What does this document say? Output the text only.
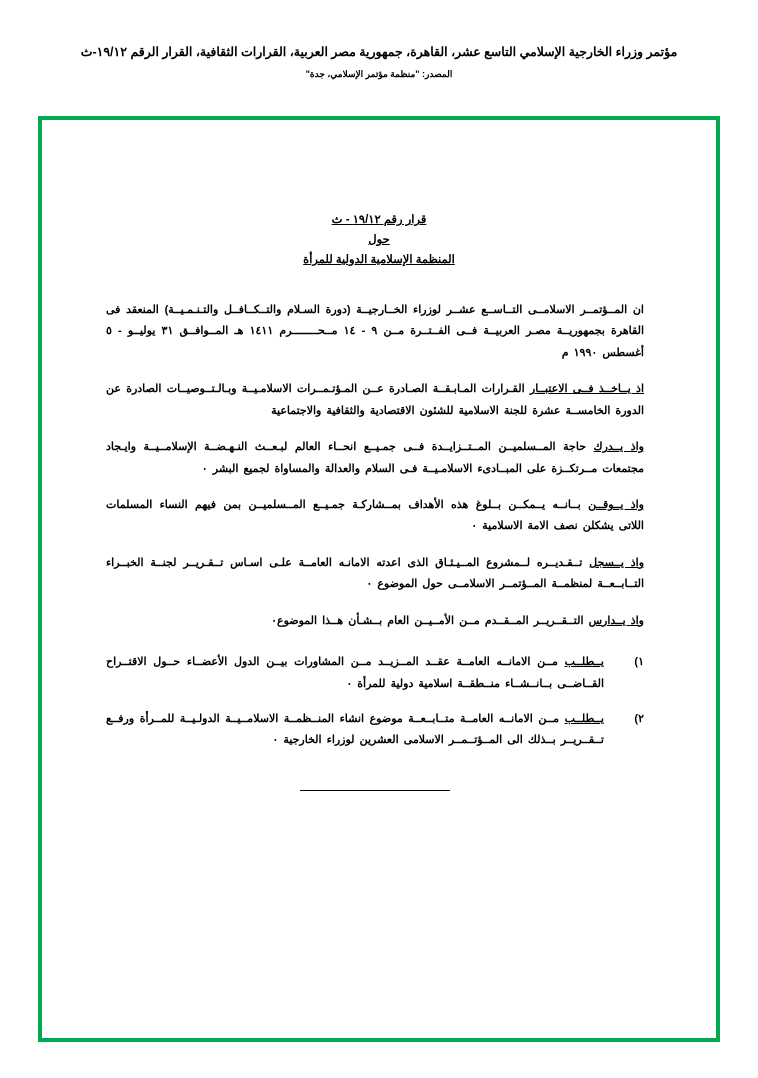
مؤتمر وزراء الخارجية الإسلامي التاسع عشر، القاهرة، جمهورية مصر العربية، القرارات الثقافية، القرار الرقم ١٩/١٢-ث
المصدر: "منظمة مؤتمر الإسلامي، جدة"
قرار رقم ١٩/١٢ - ث
حول
المنظمة الإسلامية الدولية للمرأة
ان المــؤتمــر الاسلامــى التــاســع عشــر لوزراء الخــارجيــة (دورة السـلام والتــكــافــل والتـنـمـيــة) المنعقد فى القاهرة بجمهوريــة مصـر العربيــة فــى الفــتــرة مــن ٩ - ١٤ مــحــــــــرم ١٤١١ هـ المــوافــق ٣١ يوليــو - ٥ أغسطس ١٩٩٠ م
اذ يــاخــذ فــى الاعتبــار القـرارات المـابـقــة الصـادرة عــن المـؤتـمــرات الاسلامـيــة وبـالـتــوصيــات الصادرة عن الدورة الخامســة عشرة للجنة الاسلامية للشئون الاقتصادية والثقافية والاجتماعية
واذ يــدرك حاجة المــسلميــن المــتــزايــدة فــى جمـيــع انحــاء العالم لبـعــث النـهـضــة الإسلامــيــة وايـجاد مجتمعات مــرتكــزة على المبــادىء الاسلامـيــة فـى السلام والعدالة والمساواة لجميع البشر ٠
واذ يــوقــن بــانــه يــمكــن بــلوغ هذه الأهداف بمــشاركـة جمـيــع المــسلميــن بمن فيهم النساء المسلمات اللاتى يشكلن نصف الامة الاسلامية ٠
واذ يــسجل تــقـديــره لــمشروع المــيـثـاق الذى اعدته الامانـه العامــة علـى اسـاس تــقـريــر لجنــة الخبــراء التــابــعــة لمنظمــة المــؤتمــر الاسلامــى حول الموضوع ٠
واذ يــدارس التــقــريــر المــقــدم مــن الأمــيــن العام بــشـأن هــذا الموضوع٠
١)
يــطلــب مــن الامانــه العامــة عقــد المــزيــد مــن المشاورات بيــن الدول الأعضــاء حــول الاقتــراح القــاضــى بــانــشــاء منــطقــة اسلامية دولية للمرأة ٠
٢)
يــطلــب مــن الامانــه العامــة متــابــعــة موضوع انشاء المنــظمــة الاسلامــيــة الدولـيــة للمــرأة ورفــع تــقــريــر بــذلك الى المــؤتــمــر الاسلامى العشرين لوزراء الخارجية ٠
